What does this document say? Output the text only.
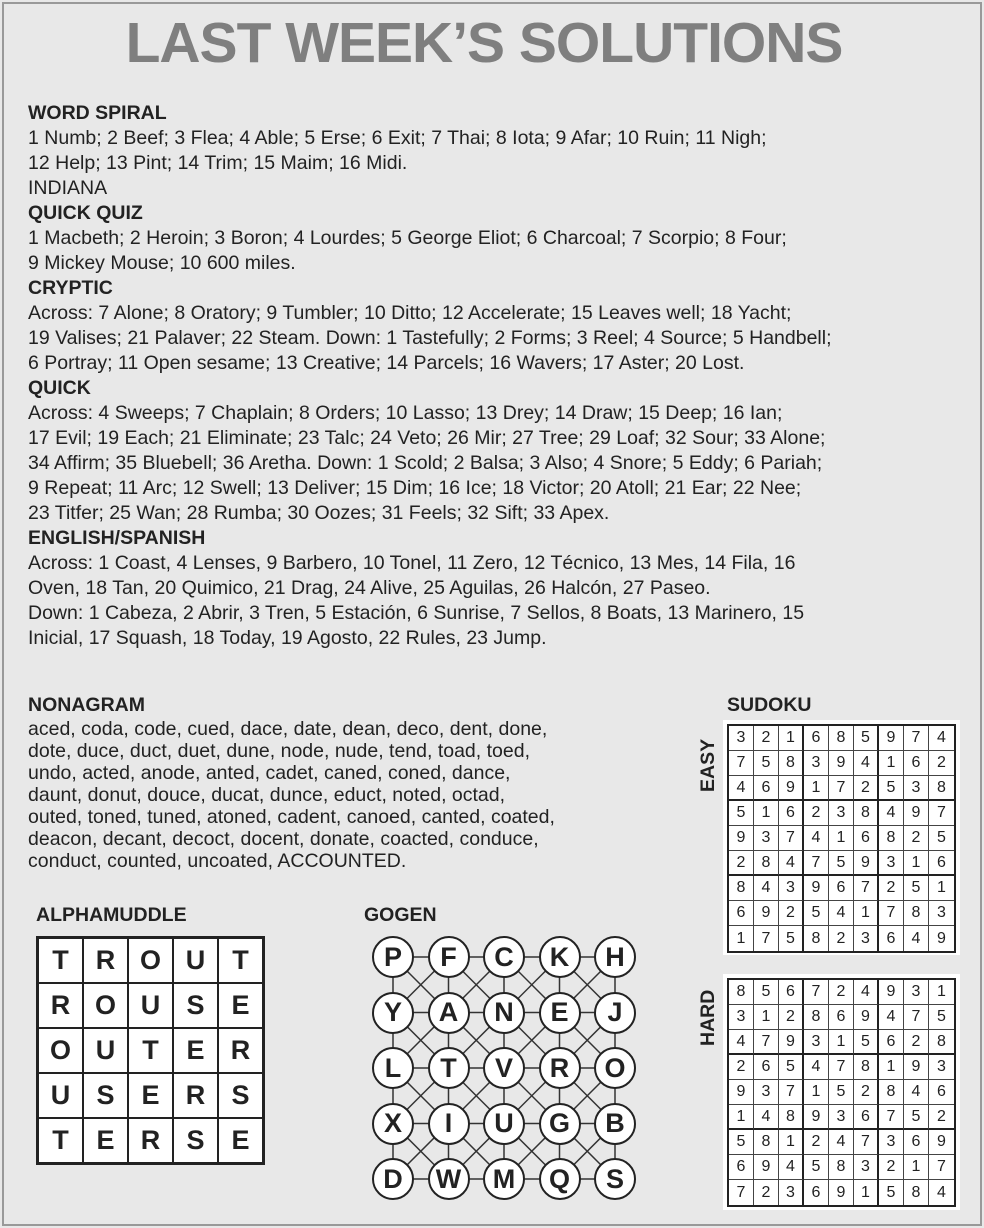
LAST WEEK’S SOLUTIONS
WORD SPIRAL
1 Numb; 2 Beef; 3 Flea; 4 Able; 5 Erse; 6 Exit; 7 Thai; 8 Iota; 9 Afar; 10 Ruin; 11 Nigh;
12 Help; 13 Pint; 14 Trim; 15 Maim; 16 Midi.
INDIANA
QUICK QUIZ
1 Macbeth; 2 Heroin; 3 Boron; 4 Lourdes; 5 George Eliot; 6 Charcoal; 7 Scorpio; 8 Four;
9 Mickey Mouse; 10 600 miles.
CRYPTIC
Across: 7 Alone; 8 Oratory; 9 Tumbler; 10 Ditto; 12 Accelerate; 15 Leaves well; 18 Yacht;
19 Valises; 21 Palaver; 22 Steam. Down: 1 Tastefully; 2 Forms; 3 Reel; 4 Source; 5 Handbell;
6 Portray; 11 Open sesame; 13 Creative; 14 Parcels; 16 Wavers; 17 Aster; 20 Lost.
QUICK
Across: 4 Sweeps; 7 Chaplain; 8 Orders; 10 Lasso; 13 Drey; 14 Draw; 15 Deep; 16 Ian;
17 Evil; 19 Each; 21 Eliminate; 23 Talc; 24 Veto; 26 Mir; 27 Tree; 29 Loaf; 32 Sour; 33 Alone;
34 Affirm; 35 Bluebell; 36 Aretha. Down: 1 Scold; 2 Balsa; 3 Also; 4 Snore; 5 Eddy; 6 Pariah;
9 Repeat; 11 Arc; 12 Swell; 13 Deliver; 15 Dim; 16 Ice; 18 Victor; 20 Atoll; 21 Ear; 22 Nee;
23 Titfer; 25 Wan; 28 Rumba; 30 Oozes; 31 Feels; 32 Sift; 33 Apex.
ENGLISH/SPANISH
Across: 1 Coast, 4 Lenses, 9 Barbero, 10 Tonel, 11 Zero, 12 Técnico, 13 Mes, 14 Fila, 16
Oven, 18 Tan, 20 Quimico, 21 Drag, 24 Alive, 25 Aguilas, 26 Halcón, 27 Paseo.
Down: 1 Cabeza, 2 Abrir, 3 Tren, 5 Estación, 6 Sunrise, 7 Sellos, 8 Boats, 13 Marinero, 15
Inicial, 17 Squash, 18 Today, 19 Agosto, 22 Rules, 23 Jump.
NONAGRAM
aced, coda, code, cued, dace, date, dean, deco, dent, done,
dote, duce, duct, duet, dune, node, nude, tend, toad, toed,
undo, acted, anode, anted, cadet, caned, coned, dance,
daunt, donut, douce, ducat, dunce, educt, noted, octad,
outed, toned, tuned, atoned, cadent, canoed, canted, coated,
deacon, decant, decoct, docent, donate, coacted, conduce,
conduct, counted, uncoated, ACCOUNTED.
ALPHAMUDDLE
T	R O U	T
R O U S E
O U	T	E R
U S E R S
T	E R S E
GOGEN
P	F	C	K	H
Y	A	N	E	J
L	T	V	R	O
X	I	U	G	B
D	W	M	Q	S
SUDOKU
EASY
3	2 1	6	8 5	9	7	4
7	5 8	3	9 4	1	6	2
4	6 9	1	7 2	5	3	8
5	1 6	2	3 8	4	9	7
9	3 7	4	1 6	8	2	5
2	8 4	7	5 9	3	1	6
8	4 3	9	6 7	2	5	1
6	9 2	5	4 1	7	8	3
1	7 5	8	2 3	6	4	9
HARD	8	5 6	7	2 4	9	3	1
3	1 2	8	6 9	4	7	5
4	7 9	3	1 5	6	2	8
2	6 5	4	7 8	1	9	3
9	3 7	1	5 2	8	4	6
1	4 8	9	3 6	7	5	2
5	8 1	2	4 7	3	6	9
6	9 4	5	8 3	2	1	7
7	2 3	6	9 1	5	8	4
